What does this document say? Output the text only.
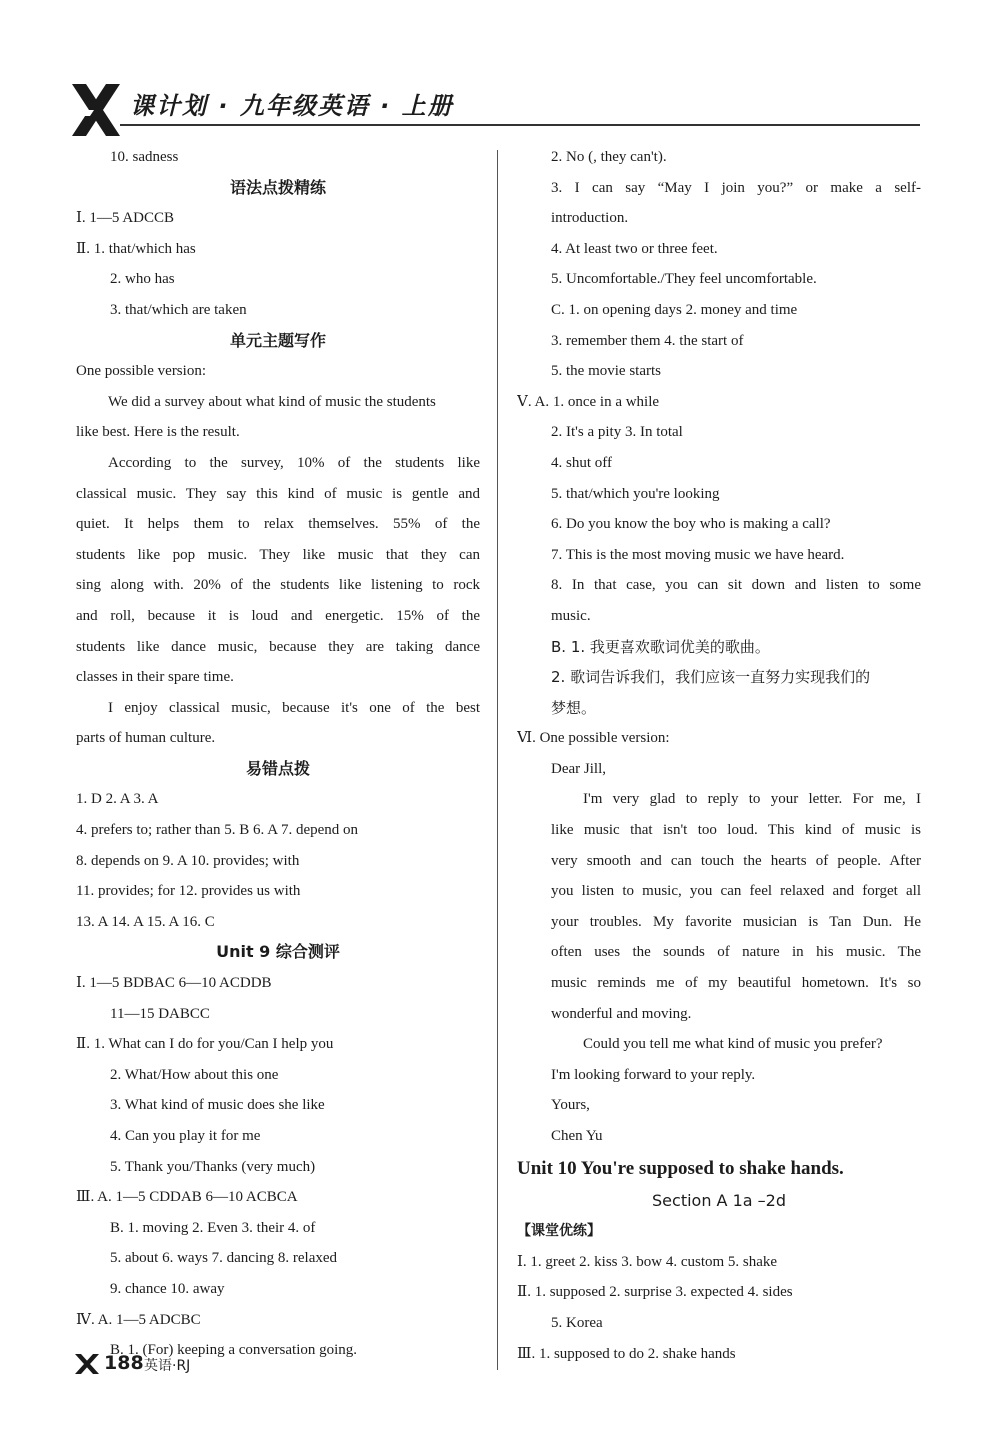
课计划 · 九年级英语 · 上册
10. sadness
语法点拨精练
Ⅰ. 1—5 ADCCB
Ⅱ. 1. that/which has
2. who has
3. that/which are taken
单元主题写作
One possible version:
We did a survey about what kind of music the students
like best. Here is the result.
According to the survey, 10% of the students like
classical music. They say this kind of music is gentle and
quiet. It helps them to relax themselves. 55% of the
students like pop music. They like music that they can
sing along with. 20% of the students like listening to rock
and roll, because it is loud and energetic. 15% of the
students like dance music, because they are taking dance
classes in their spare time.
I enjoy classical music, because it's one of the best
parts of human culture.
易错点拨
1. D 2. A 3. A
4. prefers to; rather than 5. B 6. A 7. depend on
8. depends on 9. A 10. provides; with
11. provides; for 12. provides us with
13. A 14. A 15. A 16. C
Unit 9 综合测评
Ⅰ. 1—5 BDBAC 6—10 ACDDB
11—15 DABCC
Ⅱ. 1. What can I do for you/Can I help you
2. What/How about this one
3. What kind of music does she like
4. Can you play it for me
5. Thank you/Thanks (very much)
Ⅲ. A. 1—5 CDDAB 6—10 ACBCA
B. 1. moving 2. Even 3. their 4. of
5. about 6. ways 7. dancing 8. relaxed
9. chance 10. away
Ⅳ. A. 1—5 ADCBC
B. 1. (For) keeping a conversation going.
2. No (, they can't).
3. I can say “May I join you?” or make a self-
introduction.
4. At least two or three feet.
5. Uncomfortable./They feel uncomfortable.
C. 1. on opening days 2. money and time
3. remember them 4. the start of
5. the movie starts
Ⅴ. A. 1. once in a while
2. It's a pity 3. In total
4. shut off
5. that/which you're looking
6. Do you know the boy who is making a call?
7. This is the most moving music we have heard.
8. In that case, you can sit down and listen to some
music.
B. 1. 我更喜欢歌词优美的歌曲。
2. 歌词告诉我们，我们应该一直努力实现我们的
梦想。
Ⅵ. One possible version:
Dear Jill,
I'm very glad to reply to your letter. For me, I
like music that isn't too loud. This kind of music is
very smooth and can touch the hearts of people. After
you listen to music, you can feel relaxed and forget all
your troubles. My favorite musician is Tan Dun. He
often uses the sounds of nature in his music. The
music reminds me of my beautiful hometown. It's so
wonderful and moving.
Could you tell me what kind of music you prefer?
I'm looking forward to your reply.
Yours,
Chen Yu
Unit 10 You're supposed to shake hands.
Section A 1a –2d
【课堂优练】
Ⅰ. 1. greet 2. kiss 3. bow 4. custom 5. shake
Ⅱ. 1. supposed 2. surprise 3. expected 4. sides
5. Korea
Ⅲ. 1. supposed to do 2. shake hands
188 英语·RJ
